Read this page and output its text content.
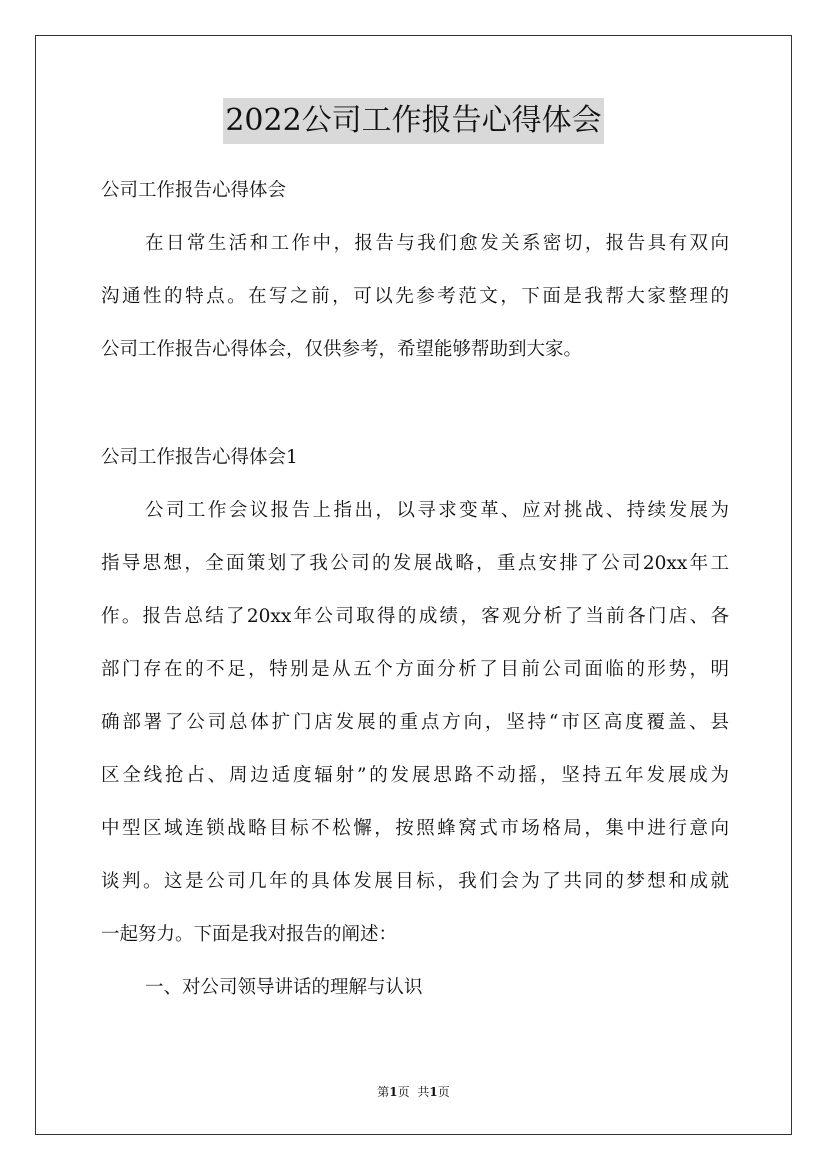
2022公司工作报告心得体会
公司工作报告心得体会
在日常生活和工作中，报告与我们愈发关系密切，报告具有双向
沟通性的特点。在写之前，可以先参考范文，下面是我帮大家整理的
公司工作报告心得体会，仅供参考，希望能够帮助到大家。
公司工作报告心得体会1
公司工作会议报告上指出，以寻求变革、应对挑战、持续发展为
指导思想，全面策划了我公司的发展战略，重点安排了公司20xx年工
作。报告总结了20xx年公司取得的成绩，客观分析了当前各门店、各
部门存在的不足，特别是从五个方面分析了目前公司面临的形势，明
确部署了公司总体扩门店发展的重点方向，坚持“市区高度覆盖、县
区全线抢占、周边适度辐射”的发展思路不动摇，坚持五年发展成为
中型区域连锁战略目标不松懈，按照蜂窝式市场格局，集中进行意向
谈判。这是公司几年的具体发展目标，我们会为了共同的梦想和成就
一起努力。下面是我对报告的阐述：
一、对公司领导讲话的理解与认识
第1页 共1页
